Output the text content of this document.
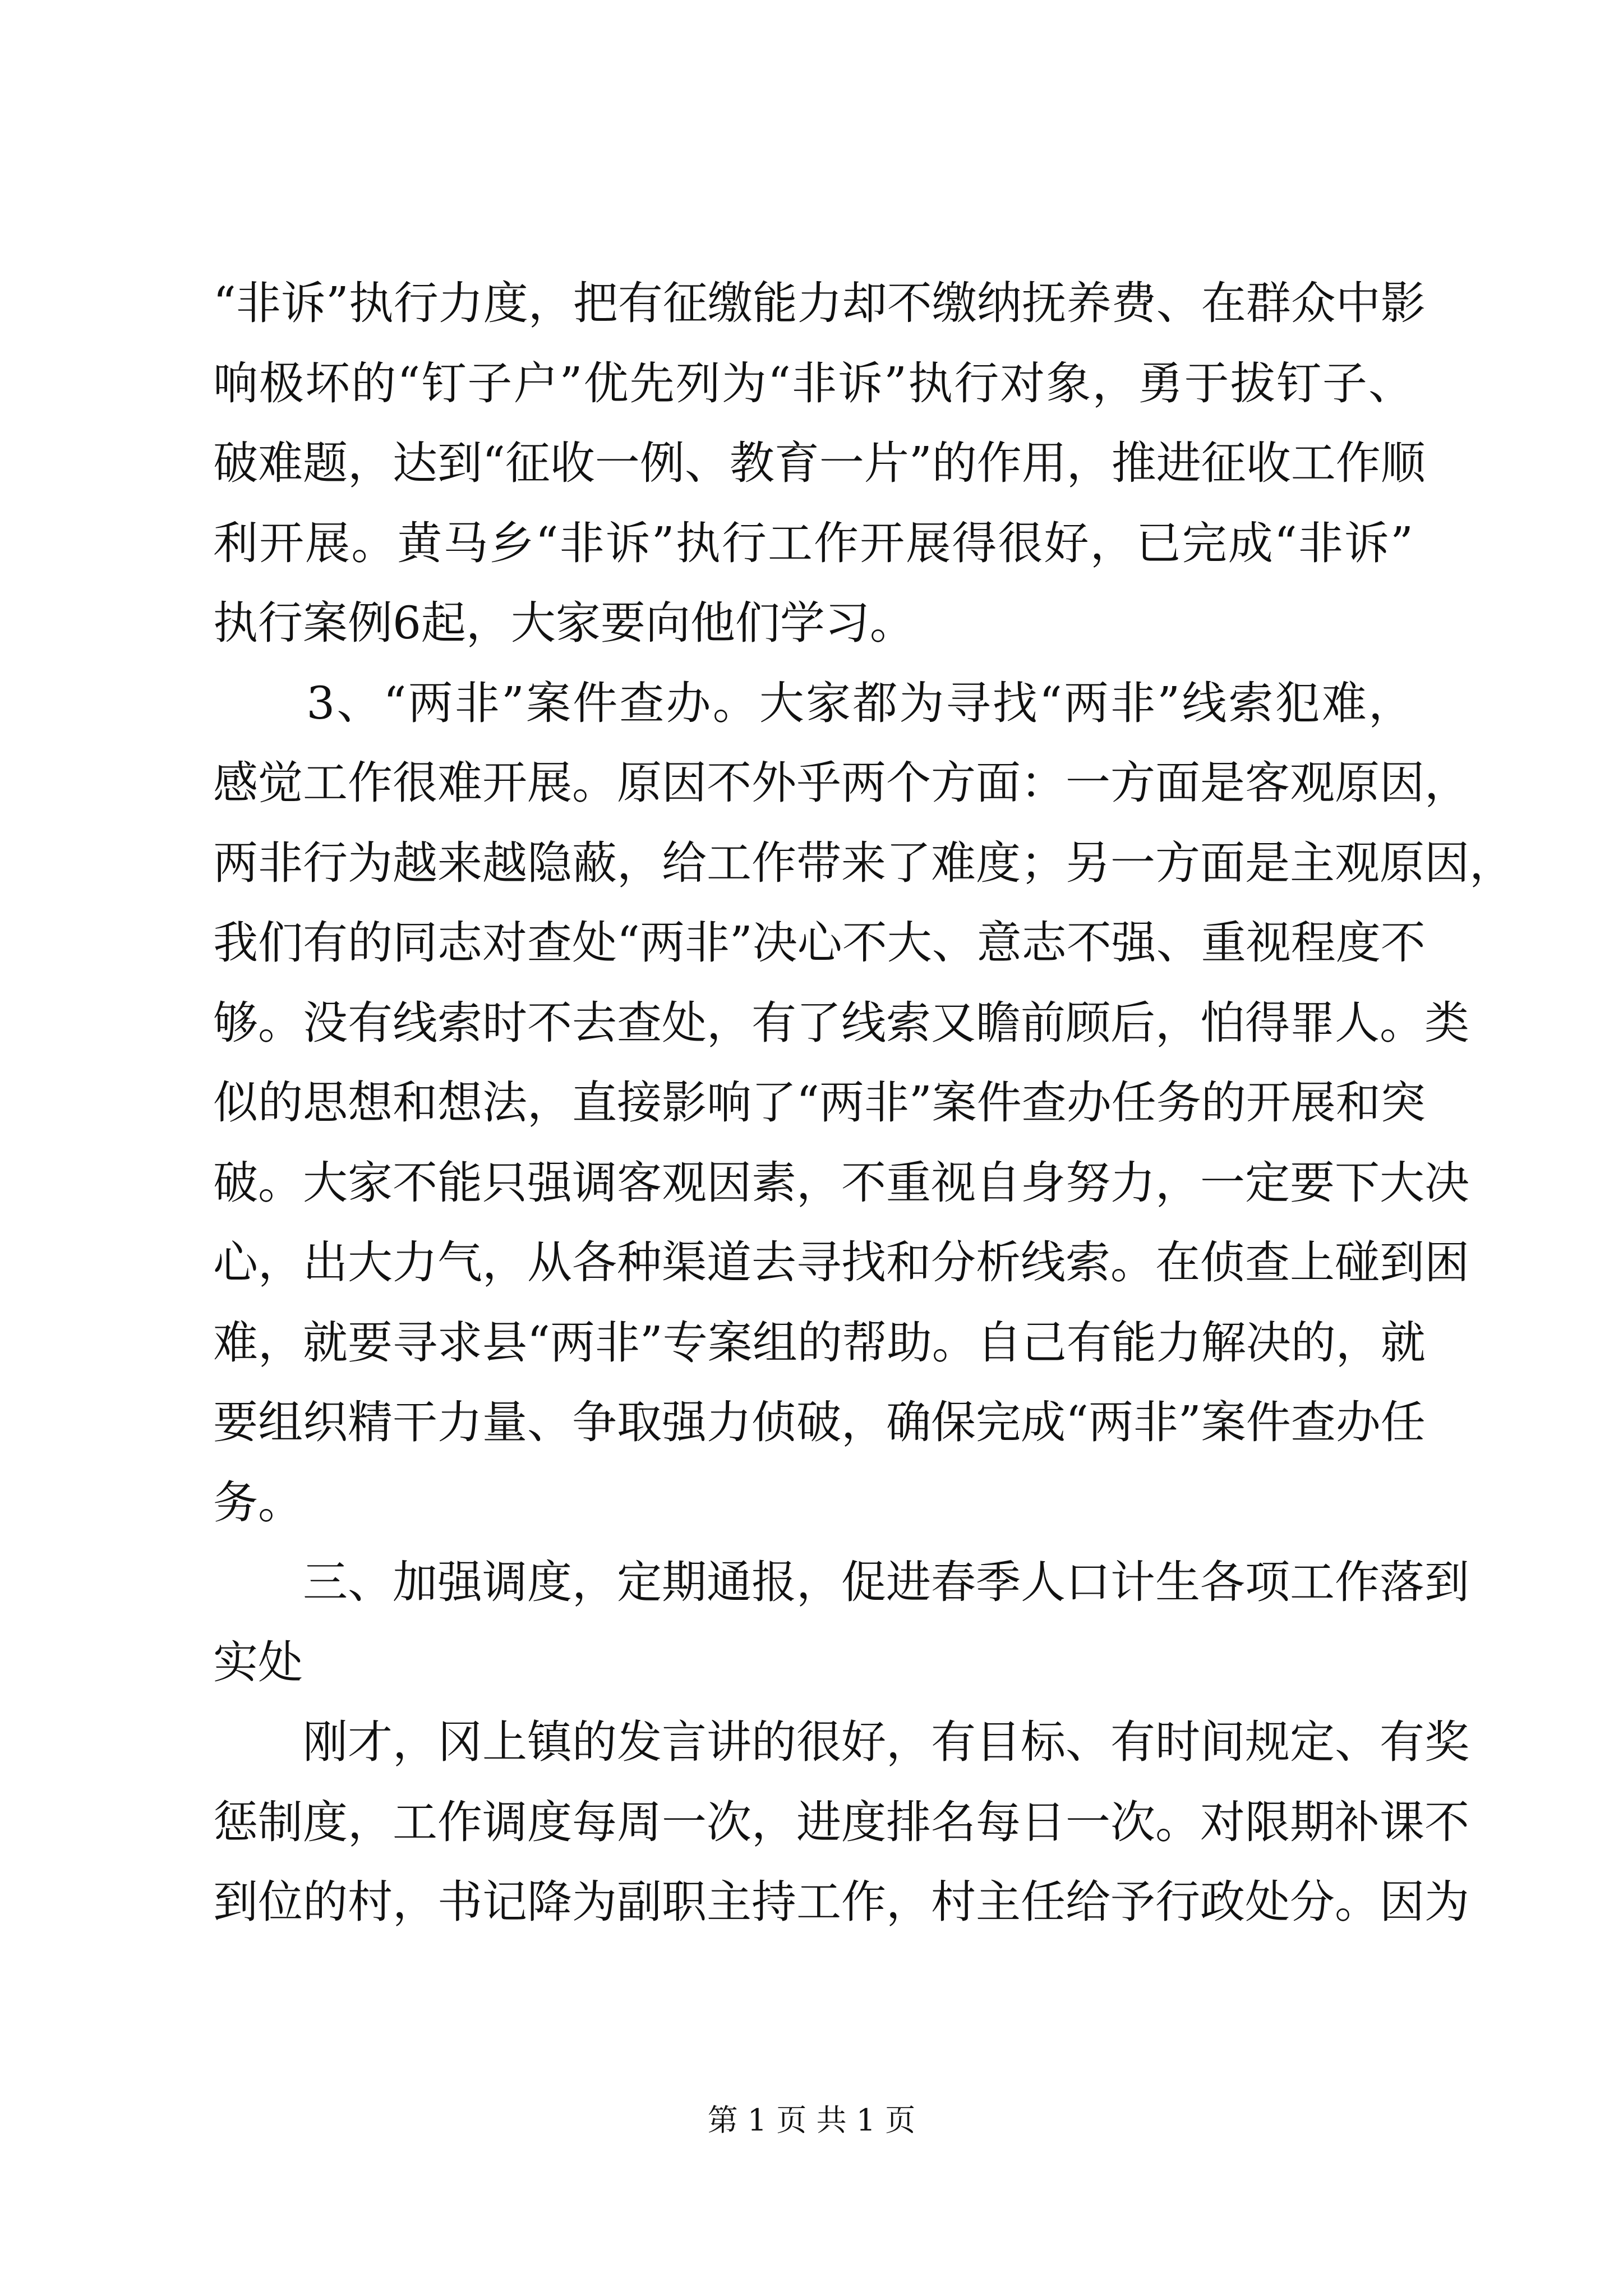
“非诉”执行力度，把有征缴能力却不缴纳抚养费、在群众中影
响极坏的“钉子户”优先列为“非诉”执行对象，勇于拔钉子、
破难题，达到“征收一例、教育一片”的作用，推进征收工作顺
利开展。黄马乡“非诉”执行工作开展得很好，已完成“非诉”
执行案例6起，大家要向他们学习。
　　3、“两非”案件查办。大家都为寻找“两非”线索犯难，
感觉工作很难开展。原因不外乎两个方面：一方面是客观原因，
两非行为越来越隐蔽，给工作带来了难度；另一方面是主观原因，
我们有的同志对查处“两非”决心不大、意志不强、重视程度不
够。没有线索时不去查处，有了线索又瞻前顾后，怕得罪人。类
似的思想和想法，直接影响了“两非”案件查办任务的开展和突
破。大家不能只强调客观因素，不重视自身努力，一定要下大决
心，出大力气，从各种渠道去寻找和分析线索。在侦查上碰到困
难，就要寻求县“两非”专案组的帮助。自己有能力解决的，就
要组织精干力量、争取强力侦破，确保完成“两非”案件查办任
务。
　　三、加强调度，定期通报，促进春季人口计生各项工作落到
实处
　　刚才，冈上镇的发言讲的很好，有目标、有时间规定、有奖
惩制度，工作调度每周一次，进度排名每日一次。对限期补课不
到位的村，书记降为副职主持工作，村主任给予行政处分。因为
第 1 页 共 1 页
